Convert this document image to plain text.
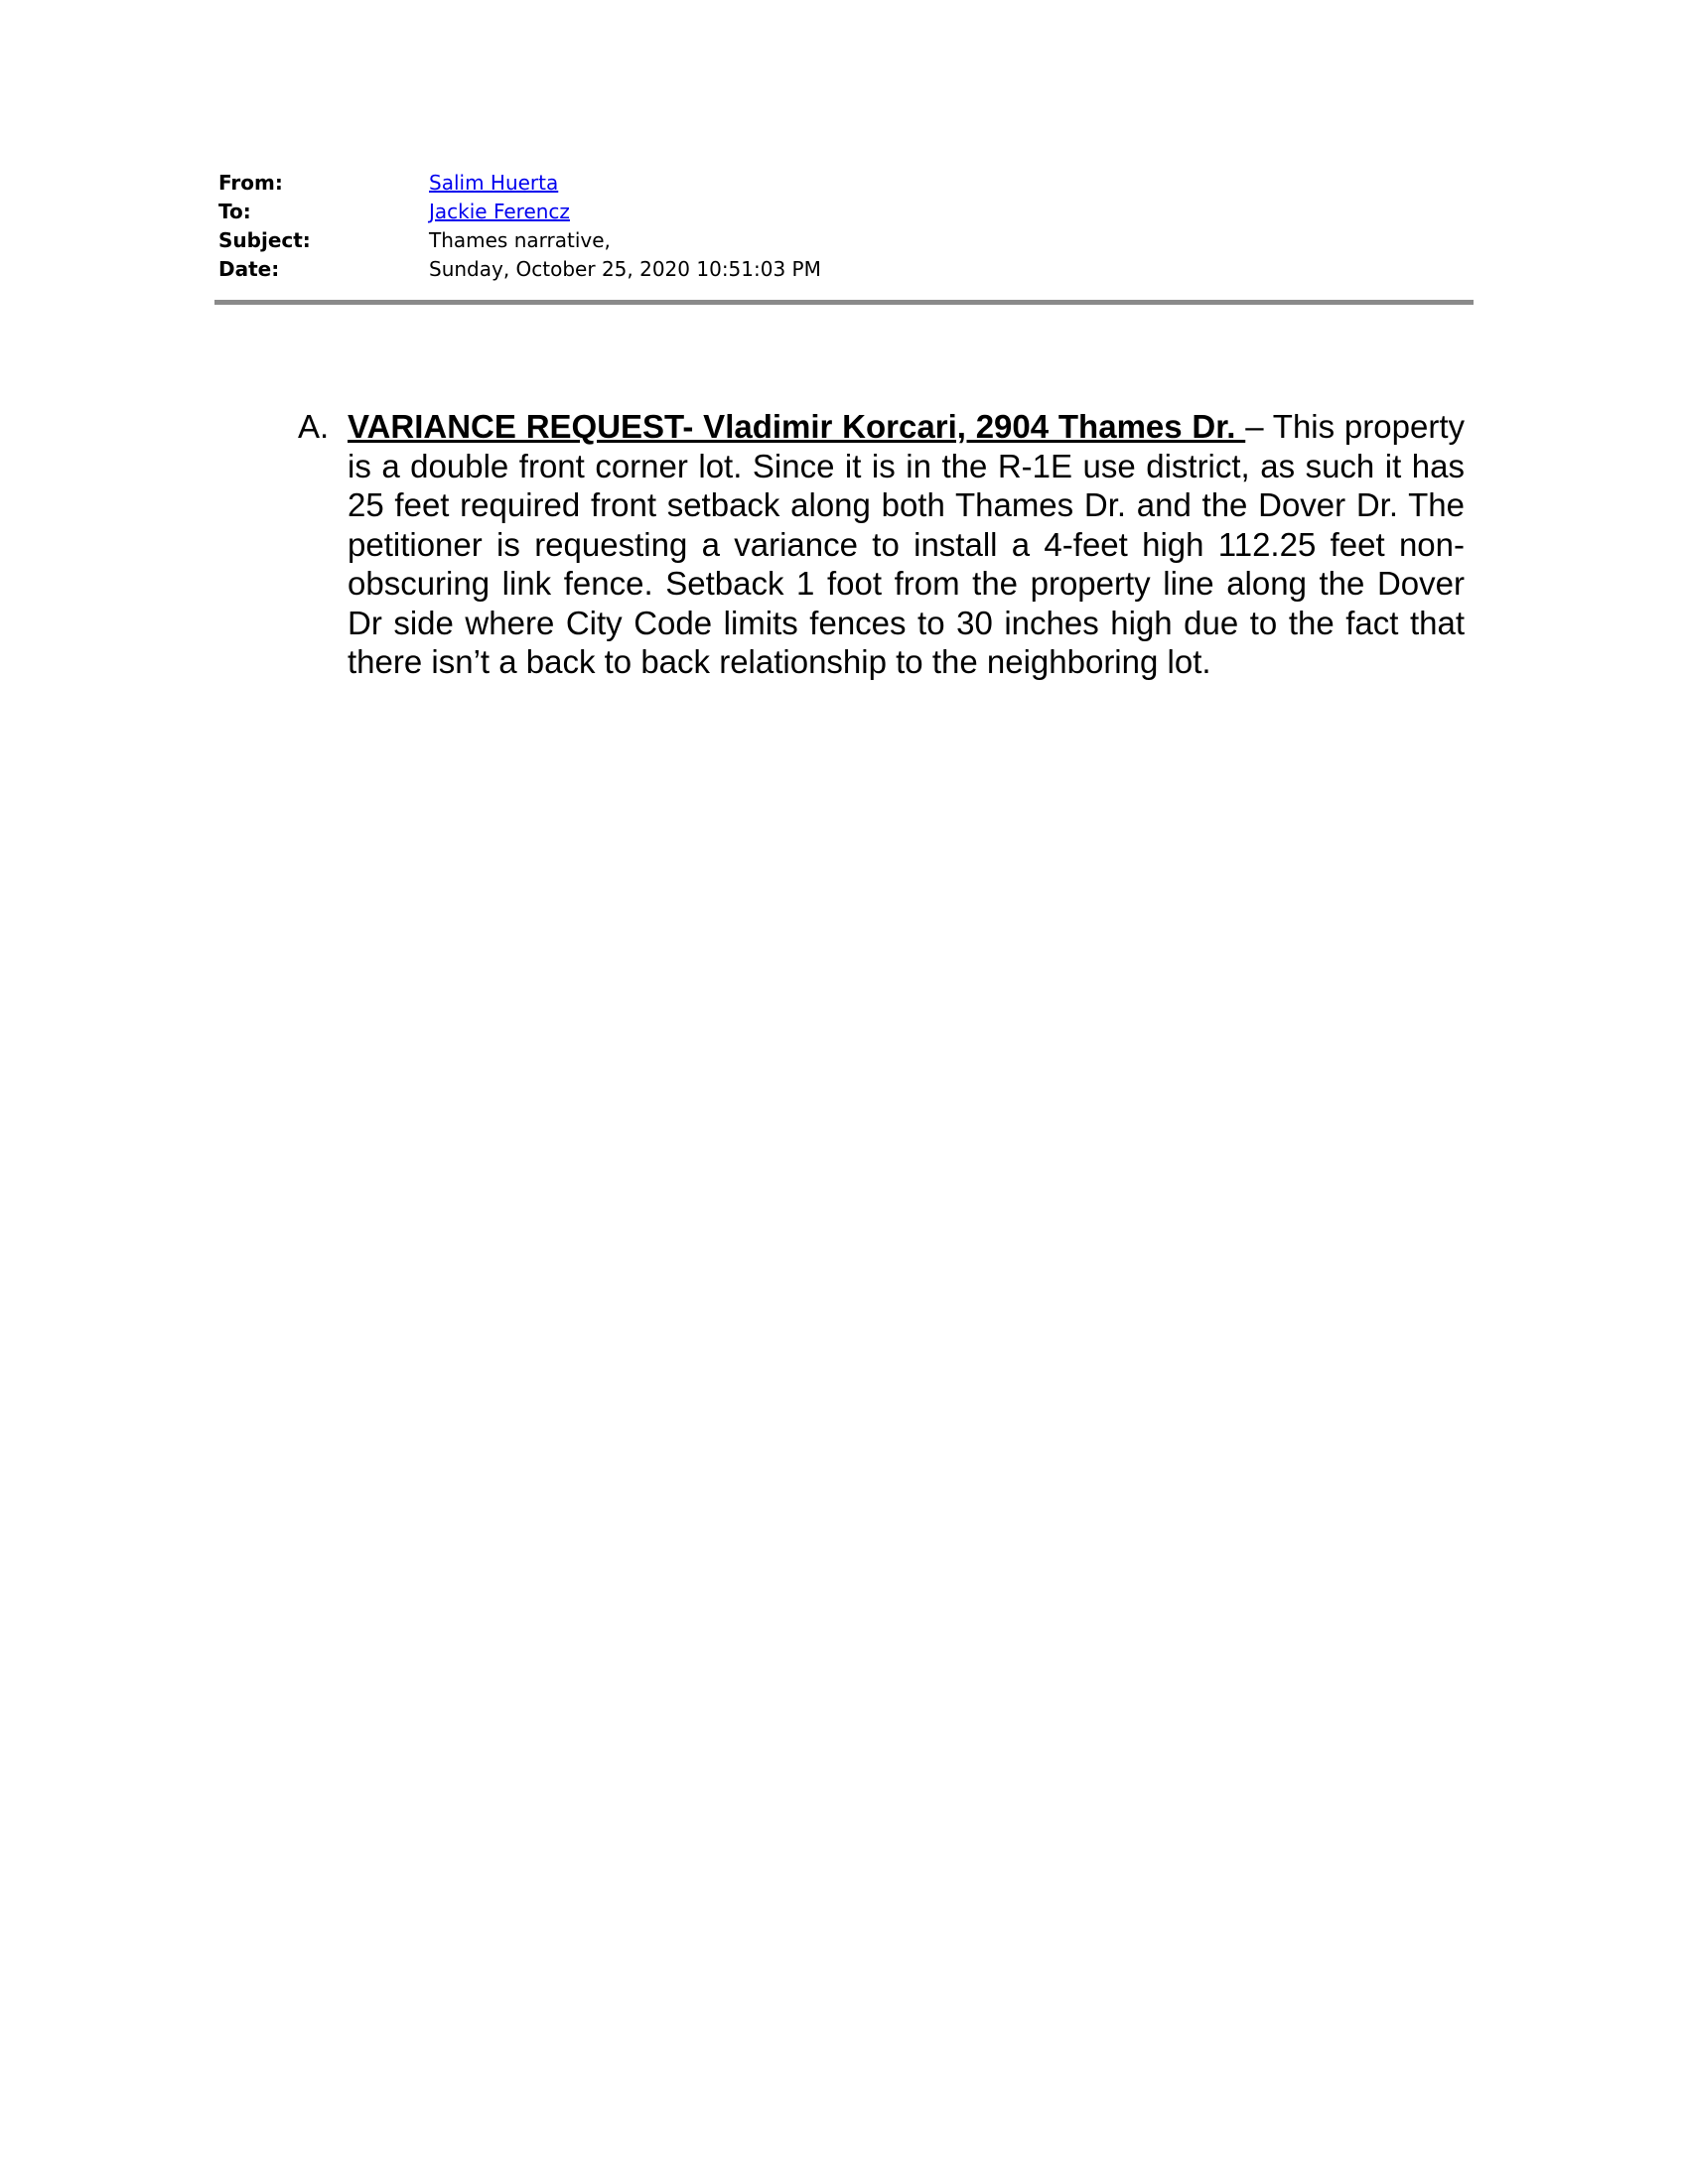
From:	Salim Huerta
To:	Jackie Ferencz
Subject:	Thames narrative,
Date:	Sunday, October 25, 2020 10:51:03 PM
A. VARIANCE REQUEST- Vladimir Korcari, 2904 Thames Dr. – This property is a double front corner lot. Since it is in the R-1E use district, as such it has 25 feet required front setback along both Thames Dr. and the Dover Dr. The petitioner is requesting a variance to install a 4-feet high 112.25 feet non-obscuring link fence. Setback 1 foot from the property line along the Dover Dr side where City Code limits fences to 30 inches high due to the fact that there isn’t a back to back relationship to the neighboring lot.
